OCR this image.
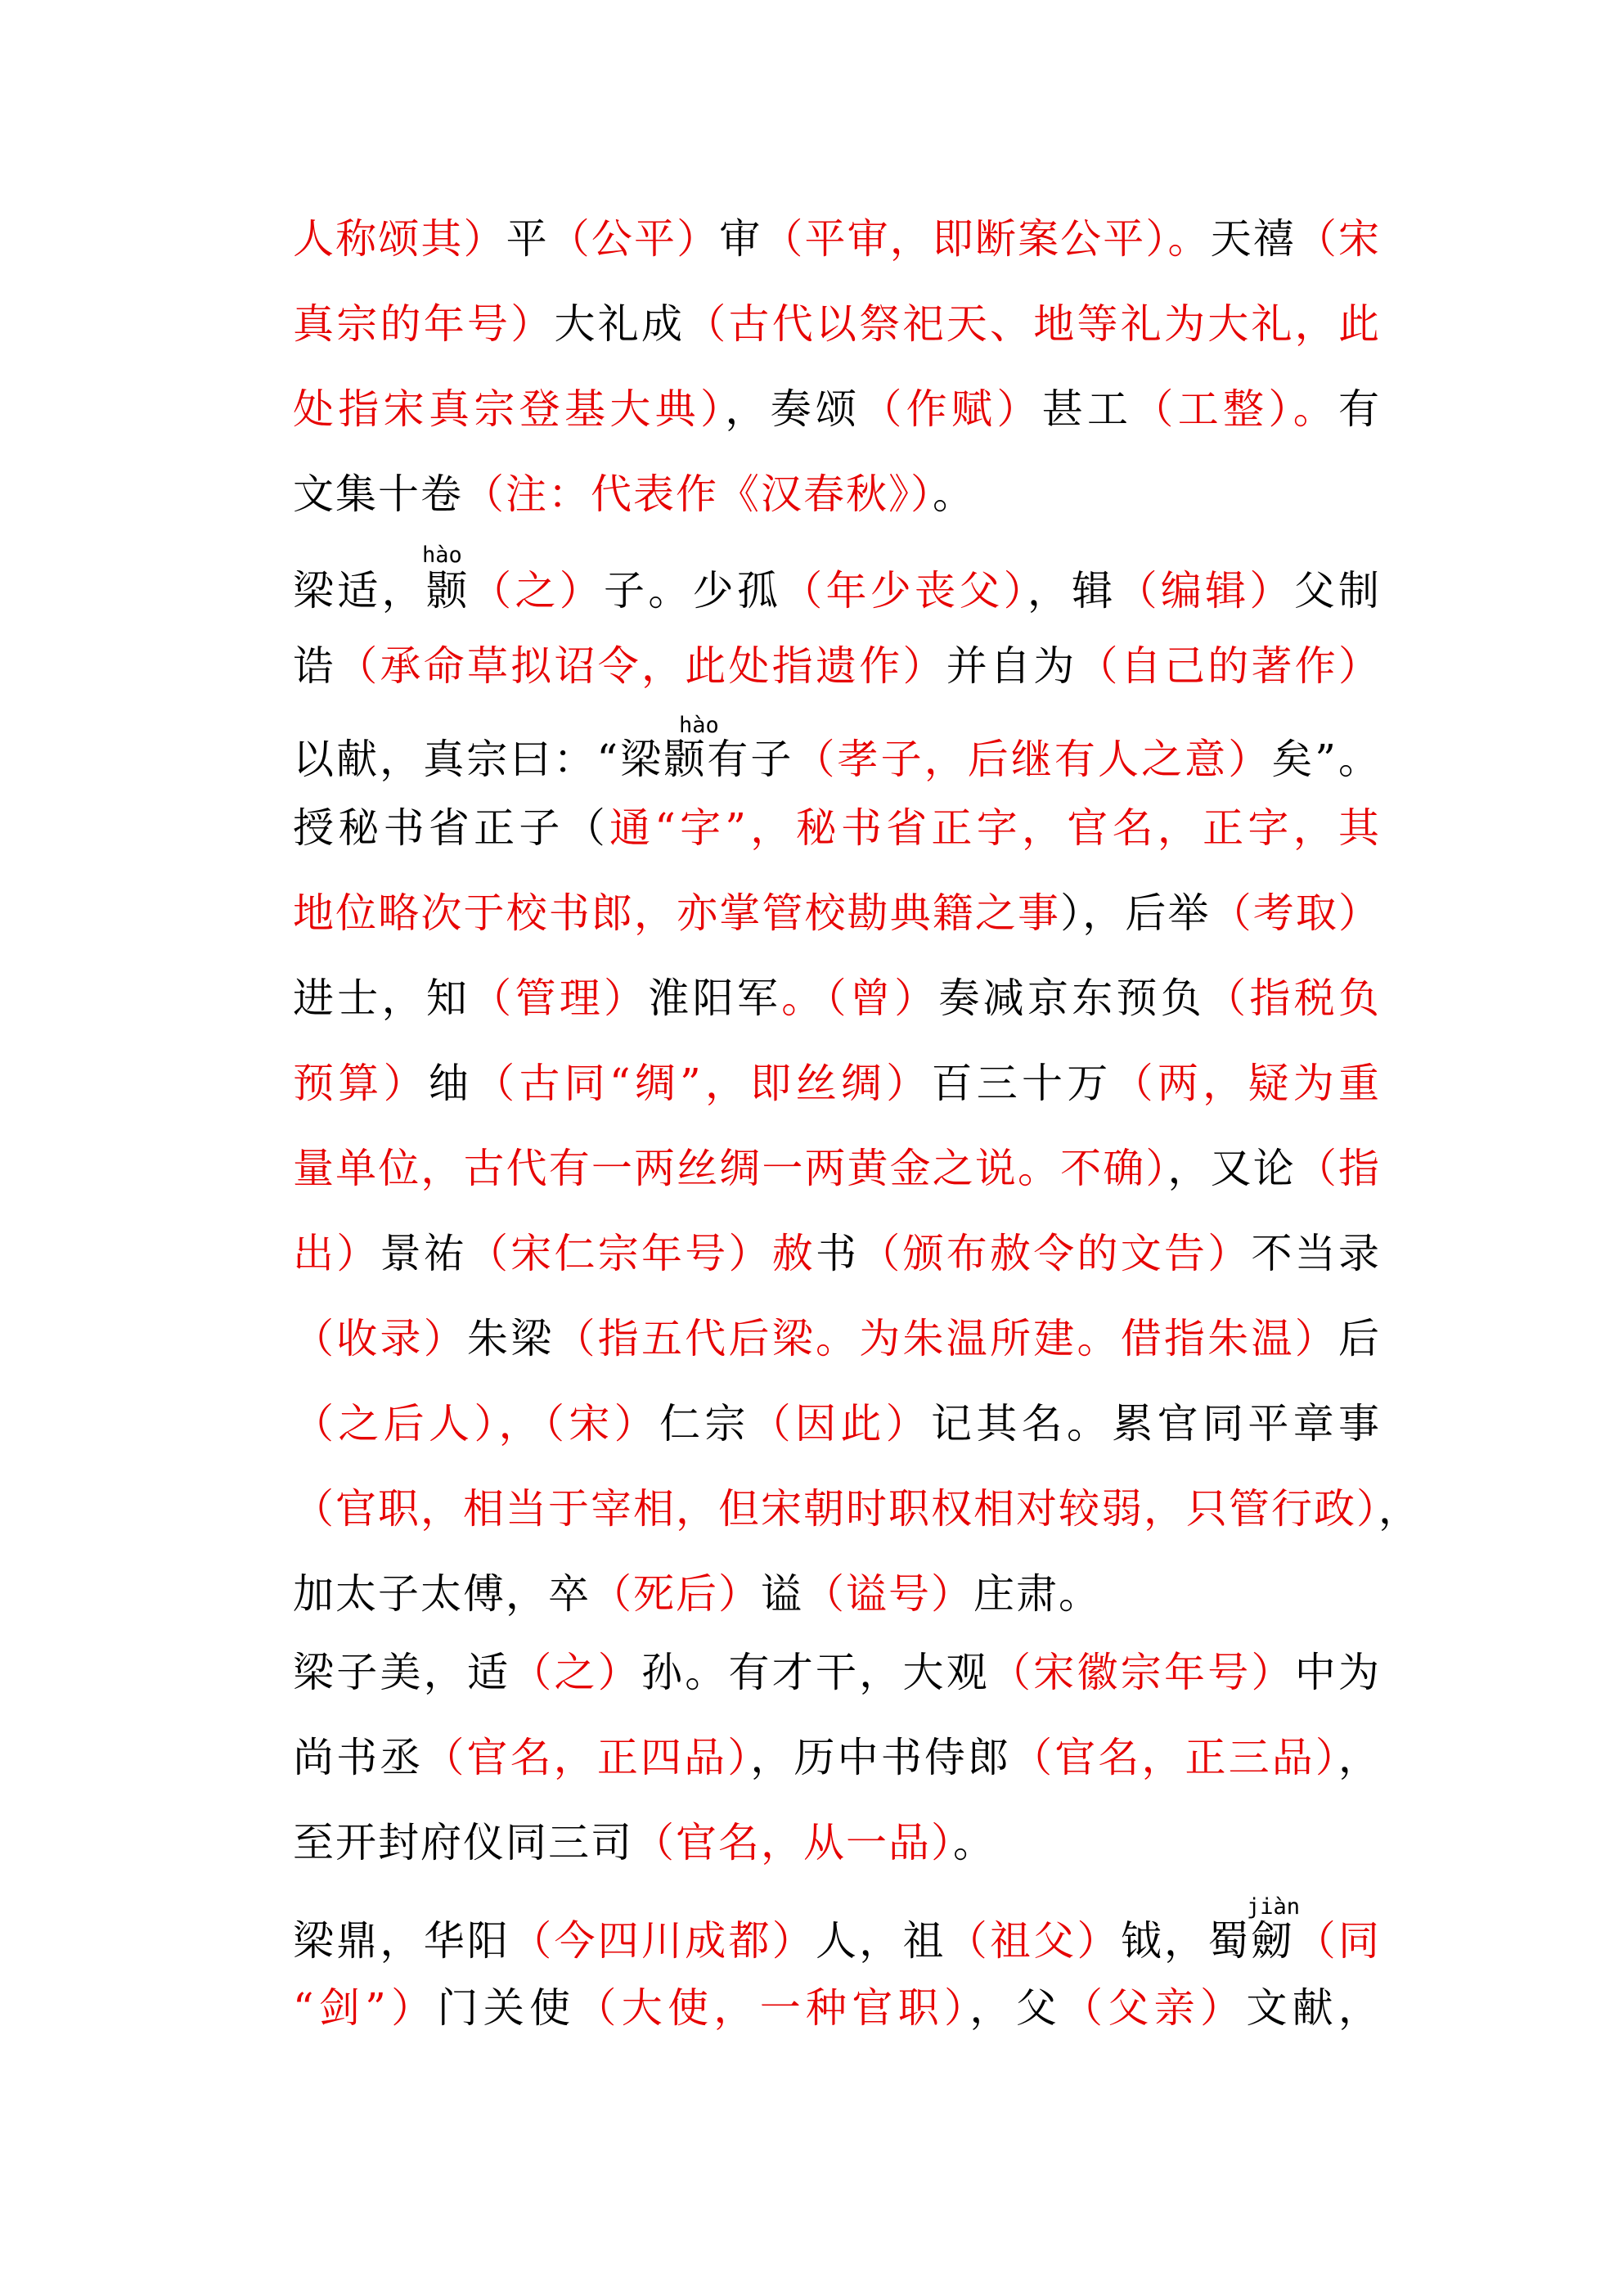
人称颂其）平（公平）审（平审，即断案公平）。天禧（宋
真宗的年号）大礼成（古代以祭祀天、地等礼为大礼，此
处指宋真宗登基大典），奏颂（作赋）甚工（工整）。有
文集十卷（注：代表作《汉春秋》）。
梁适，颢（之）子。少孤（年少丧父），辑（编辑）父制
诰（承命草拟诏令，此处指遗作）并自为（自己的著作）
以献，真宗曰：“梁颢有子（孝子，后继有人之意）矣”。
授秘书省正子（通“字”，秘书省正字，官名，正字，其
地位略次于校书郎，亦掌管校勘典籍之事），后举（考取）
进士，知（管理）淮阳军。（曾）奏减京东预负（指税负
预算）䌷（古同“绸”，即丝绸）百三十万（两，疑为重
量单位，古代有一两丝绸一两黄金之说。不确），又论（指
出）景祐（宋仁宗年号）赦书（颁布赦令的文告）不当录
（收录）朱梁（指五代后梁。为朱温所建。借指朱温）后
（之后人），（宋）仁宗（因此）记其名。累官同平章事
（官职，相当于宰相，但宋朝时职权相对较弱，只管行政），
加太子太傅，卒（死后）谥（谥号）庄肃。
梁子美，适（之）孙。有才干，大观（宋徽宗年号）中为
尚书丞（官名，正四品），历中书侍郎（官名，正三品），
至开封府仪同三司（官名，从一品）。
梁鼎，华阳（今四川成都）人，祖（祖父）钺，蜀劒（同
“剑”）门关使（大使，一种官职），父（父亲）文献，
hào
hào
jiàn
